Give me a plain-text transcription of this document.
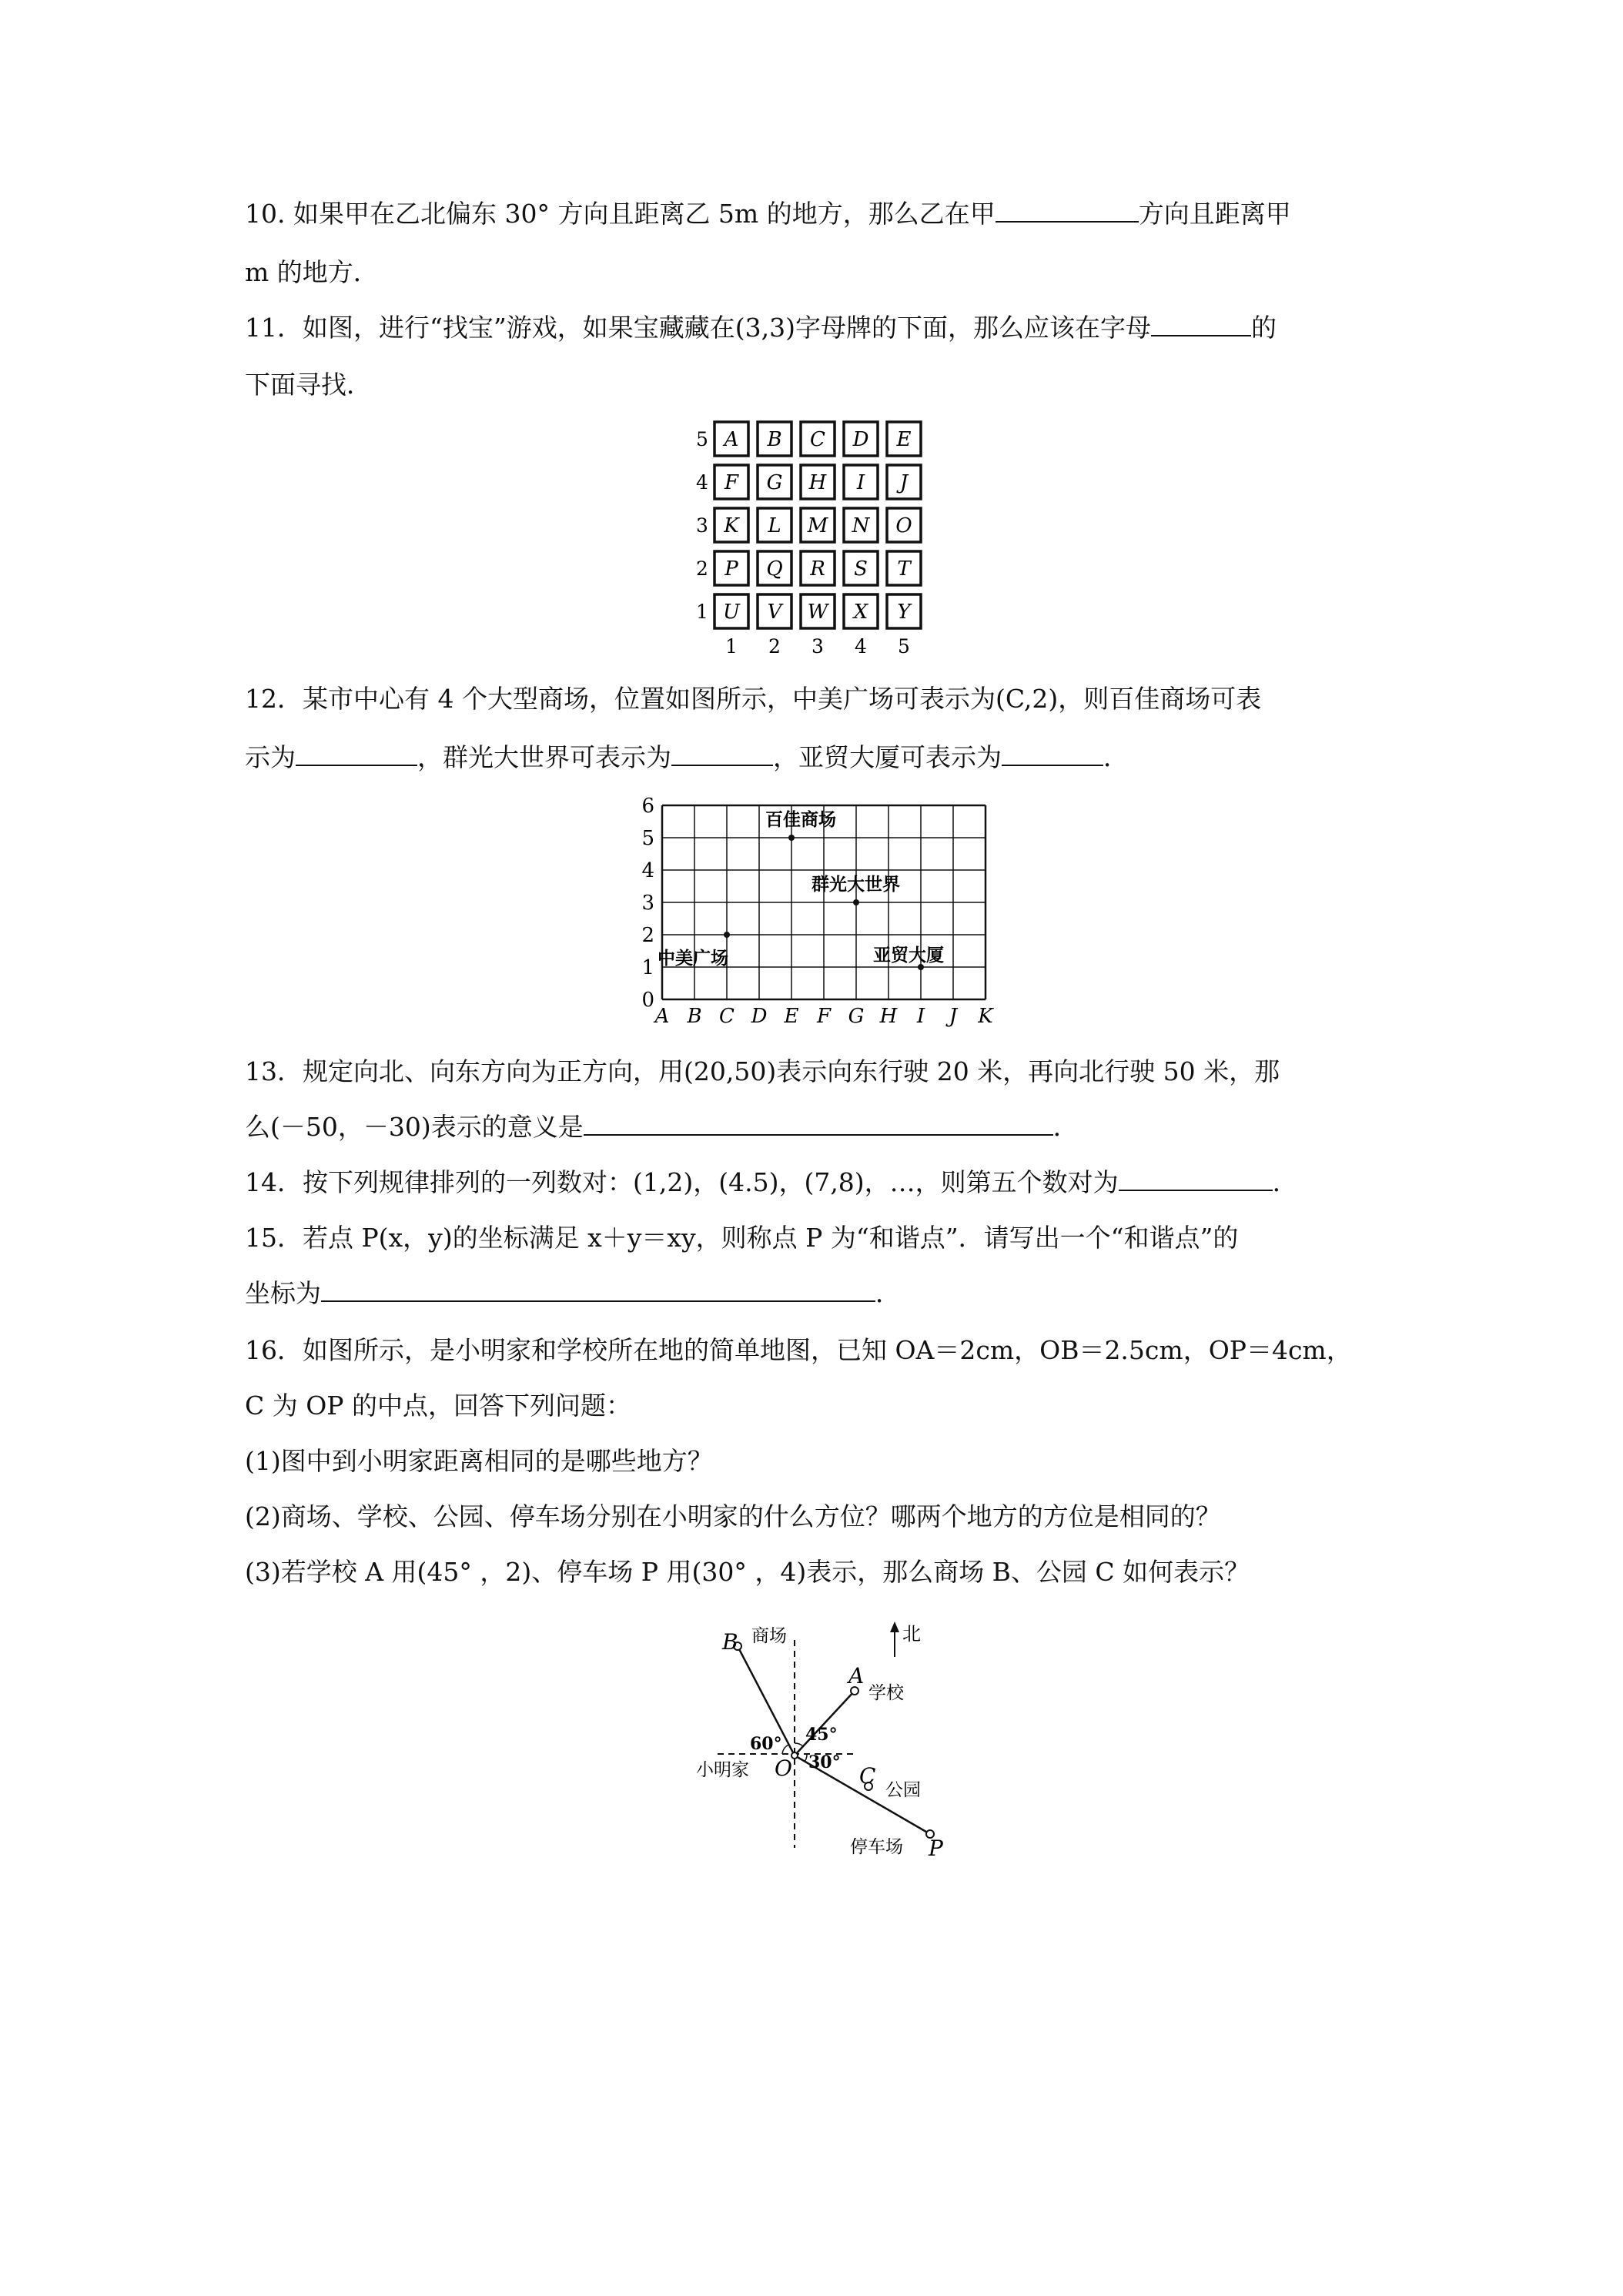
10. 如果甲在乙北偏东 30° 方向且距离乙 5m 的地方，那么乙在甲	方向且距离甲
m 的地方．
11．如图，进行“找宝”游戏，如果宝藏藏在(3,3)字母牌的下面，那么应该在字母	的
下面寻找．
5 A B C D E
4 F G H I J
3 K L M N O
2 P Q R S T
1 U V W X Y
1 2 3 4 5
12．某市中心有 4 个大型商场，位置如图所示，中美广场可表示为(C,2)，则百佳商场可表
示为	，群光大世界可表示为	，亚贸大厦可表示为	．
A B C D E F G H I J K
0
1
2
3
4
5
6
百佳商场
群光大世界
中美广场	亚贸大厦
13．规定向北、向东方向为正方向，用(20,50)表示向东行驶 20 米，再向北行驶 50 米，那
么(－50，－30)表示的意义是	．
14．按下列规律排列的一列数对：(1,2)，(4.5)，(7,8)，…，则第五个数对为	．
15．若点 P(x，y)的坐标满足 x＋y＝xy，则称点 P 为“和谐点”．请写出一个“和谐点”的
坐标为	．
16．如图所示，是小明家和学校所在地的简单地图，已知 OA＝2cm，OB＝2.5cm，OP＝4cm，
C 为 OP 的中点，回答下列问题：
(1)图中到小明家距离相同的是哪些地方？
(2)商场、学校、公园、停车场分别在小明家的什么方位？哪两个地方的方位是相同的？
(3)若学校 A 用(45° ，2)、停车场 P 用(30° ，4)表示，那么商场 B、公园 C 如何表示？
北
B 商场
A
学校
C
公园
P
停车场
O
小明家
60° 45°
30°
